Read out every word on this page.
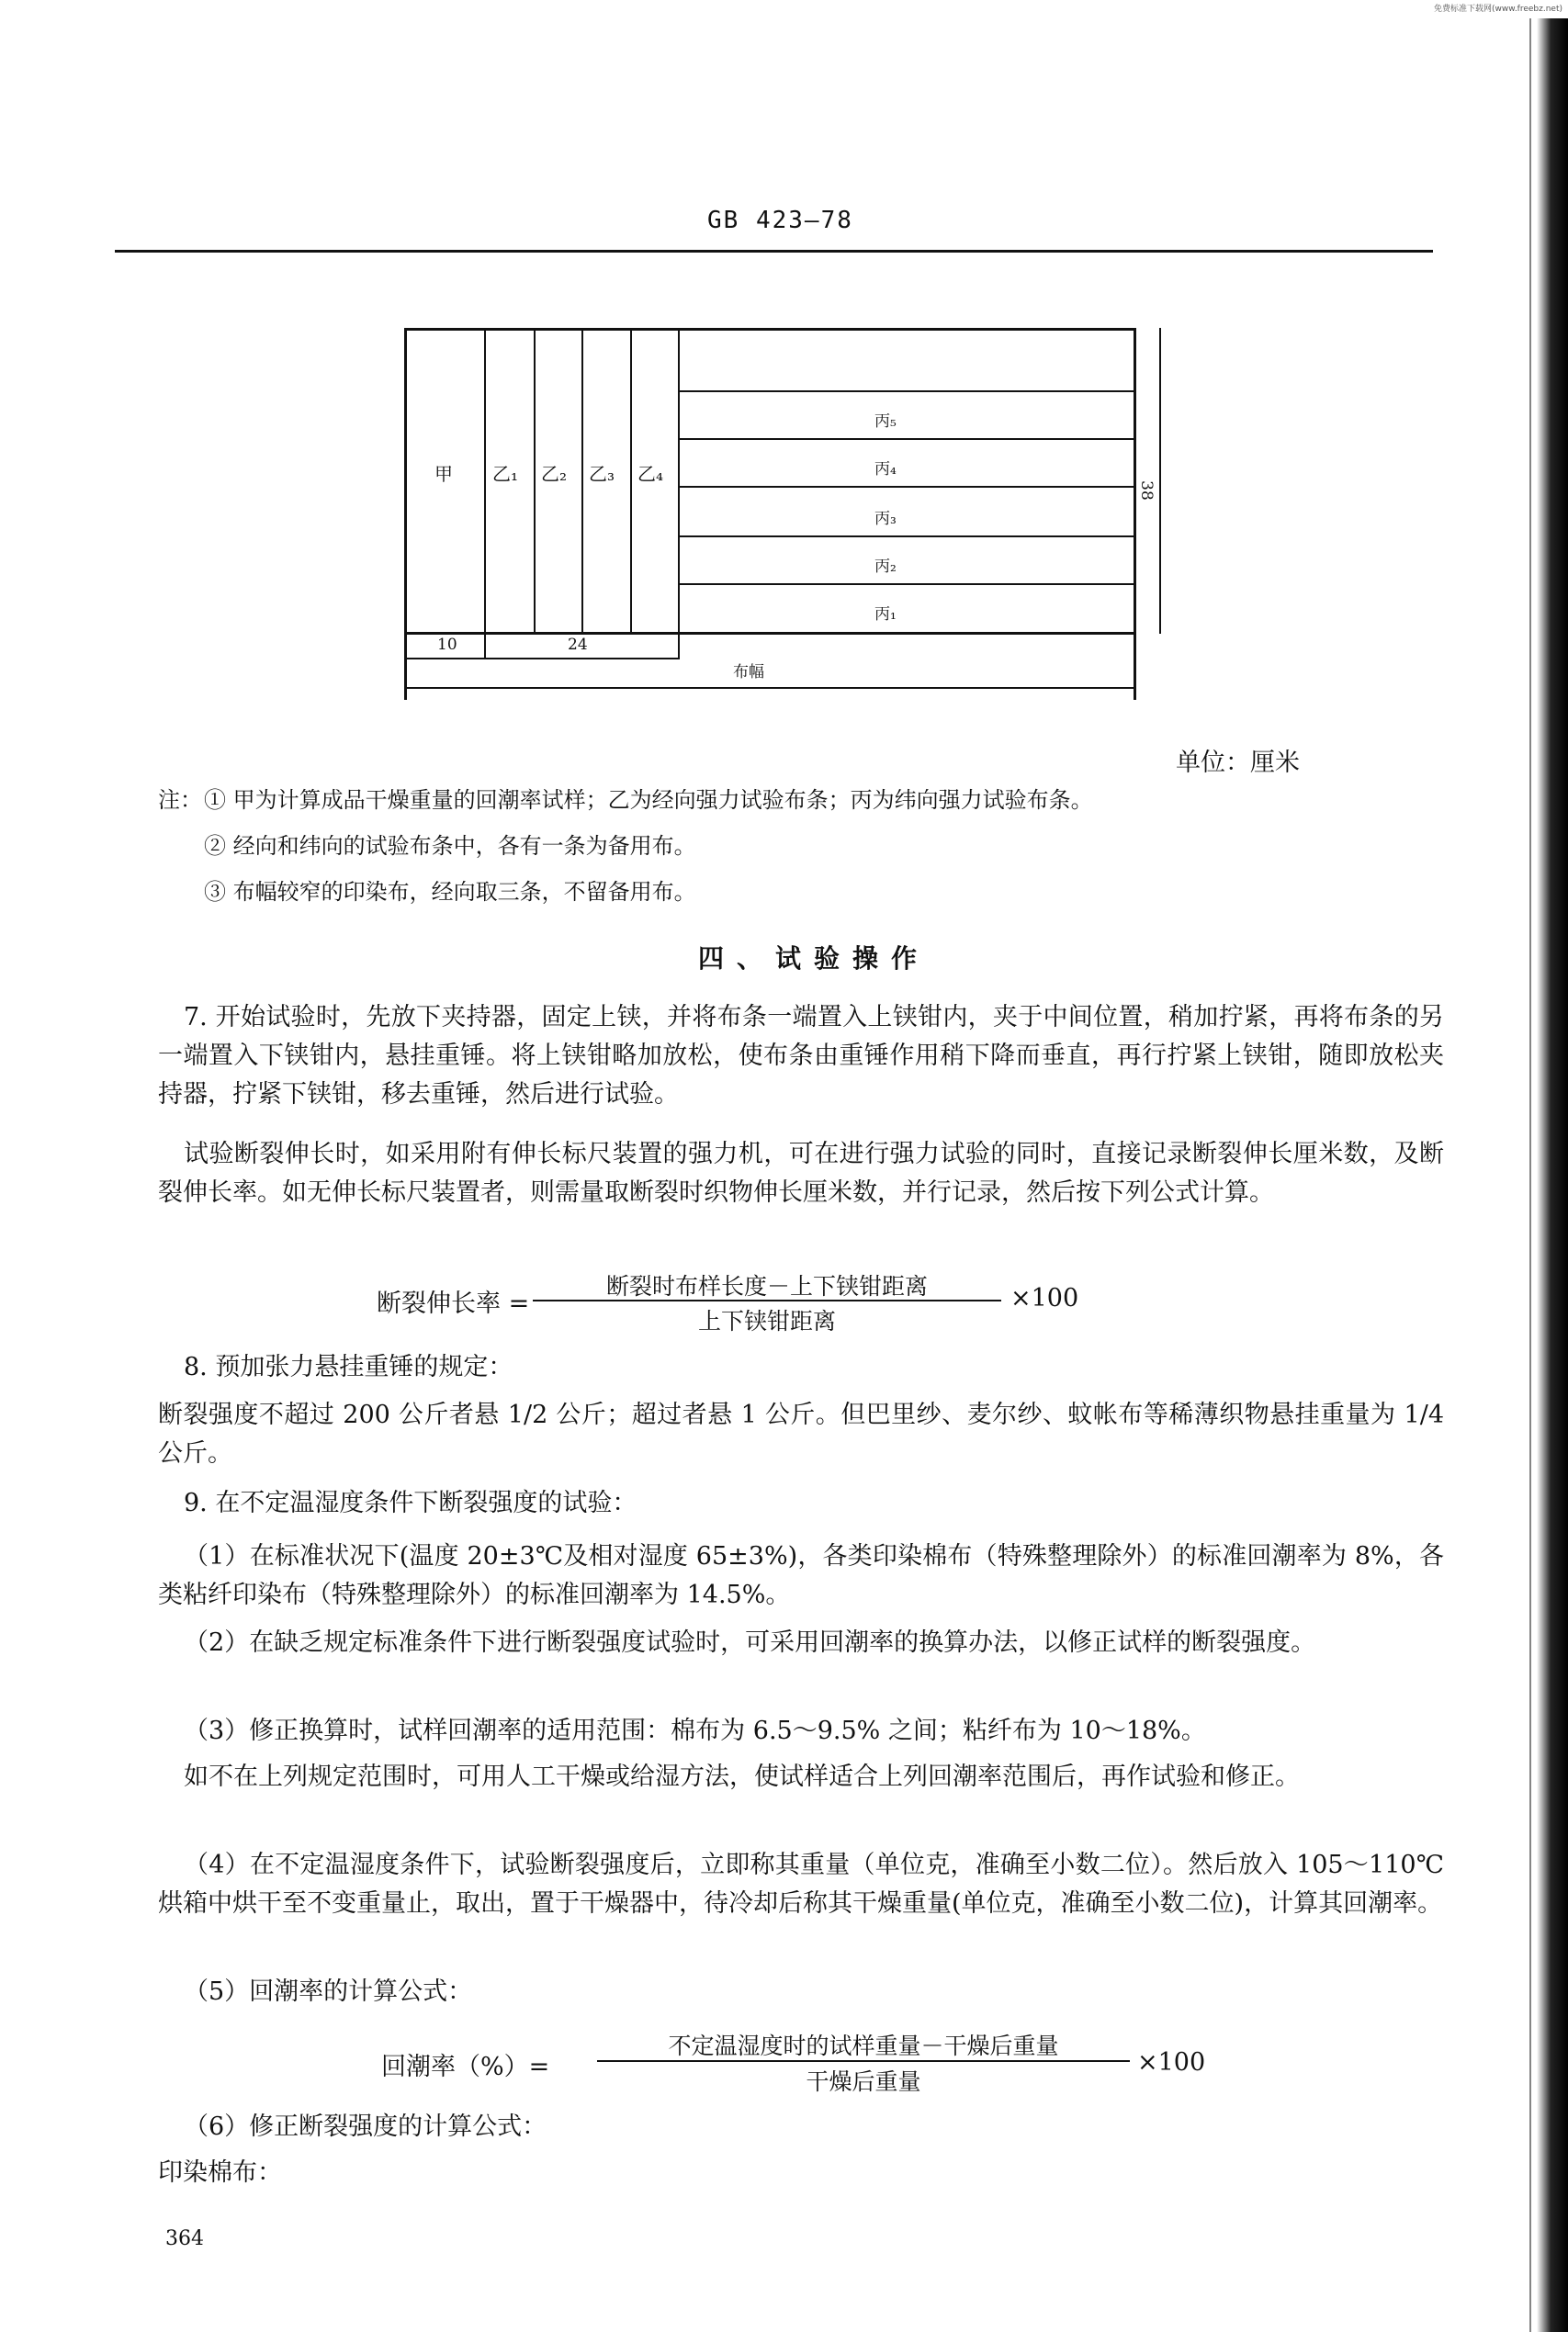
免费标准下载网(www.freebz.net)
GB 423—78
甲 乙₁ 乙₂ 乙₃ 乙₄
丙₅
丙₄
丙₃
丙₂
丙₁
10	24
布幅
38
单位：厘米
注：① 甲为计算成品干燥重量的回潮率试样；乙为经向强力试验布条；丙为纬向强力试验布条。
② 经向和纬向的试验布条中，各有一条为备用布。
③ 布幅较窄的印染布，经向取三条，不留备用布。
四、试验操作
7. 开始试验时，先放下夹持器，固定上铗，并将布条一端置入上铗钳内，夹于中间位置，稍加拧紧，再将布条的另一端置入下铗钳内，悬挂重锤。将上铗钳略加放松，使布条由重锤作用稍下降而垂直，再行拧紧上铗钳，随即放松夹持器，拧紧下铗钳，移去重锤，然后进行试验。
试验断裂伸长时，如采用附有伸长标尺装置的强力机，可在进行强力试验的同时，直接记录断裂伸长厘米数，及断裂伸长率。如无伸长标尺装置者，则需量取断裂时织物伸长厘米数，并行记录，然后按下列公式计算。
断裂伸长率 =
断裂时布样长度－上下铗钳距离
上下铗钳距离
×100
8. 预加张力悬挂重锤的规定：
断裂强度不超过 200 公斤者悬 1/2 公斤；超过者悬 1 公斤。但巴里纱、麦尔纱、蚊帐布等稀薄织物悬挂重量为 1/4 公斤。
9. 在不定温湿度条件下断裂强度的试验：
（1）在标准状况下(温度 20±3℃及相对湿度 65±3%)，各类印染棉布（特殊整理除外）的标准回潮率为 8%，各类粘纤印染布（特殊整理除外）的标准回潮率为 14.5%。
（2）在缺乏规定标准条件下进行断裂强度试验时，可采用回潮率的换算办法，以修正试样的断裂强度。
（3）修正换算时，试样回潮率的适用范围：棉布为 6.5～9.5% 之间；粘纤布为 10～18%。
如不在上列规定范围时，可用人工干燥或给湿方法，使试样适合上列回潮率范围后，再作试验和修正。
（4）在不定温湿度条件下，试验断裂强度后，立即称其重量（单位克，准确至小数二位）。然后放入 105～110℃烘箱中烘干至不变重量止，取出，置于干燥器中，待冷却后称其干燥重量(单位克，准确至小数二位)，计算其回潮率。
（5）回潮率的计算公式：
回潮率（%）=
不定温湿度时的试样重量－干燥后重量
干燥后重量
×100
（6）修正断裂强度的计算公式：
印染棉布：
364
